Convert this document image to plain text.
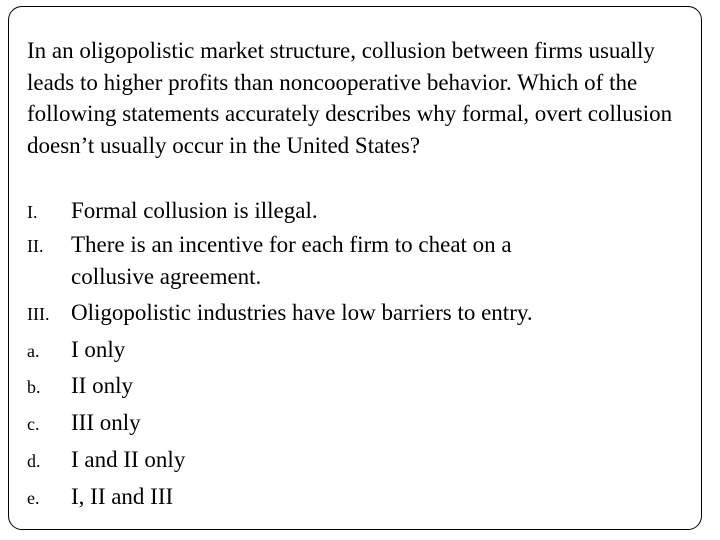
In an oligopolistic market structure, collusion between firms usually leads to higher profits than noncooperative behavior. Which of the following statements accurately describes why formal, overt collusion doesn’t usually occur in the United States?
I. Formal collusion is illegal.
II. There is an incentive for each firm to cheat on a collusive agreement.
III. Oligopolistic industries have low barriers to entry.
a. I only
b. II only
c. III only
d. I and II only
e. I, II and III
